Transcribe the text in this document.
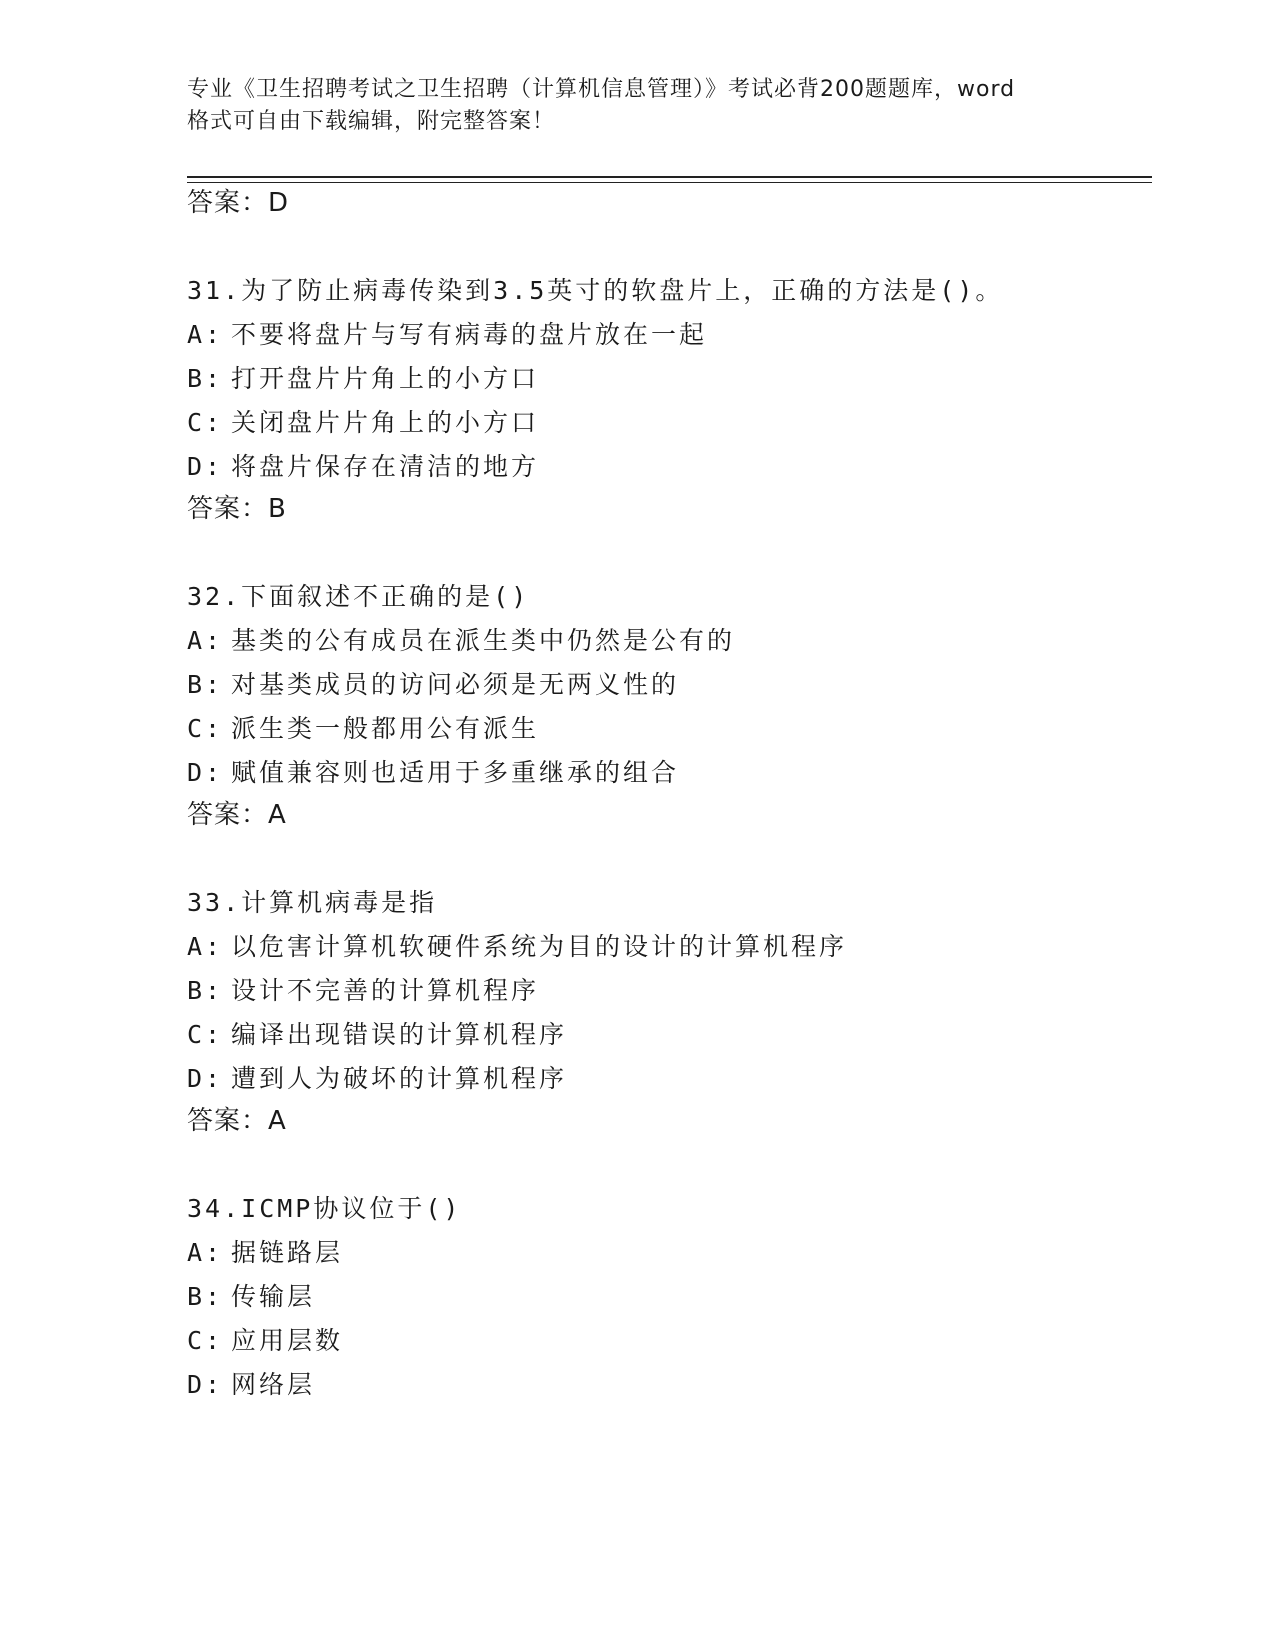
专业《卫生招聘考试之卫生招聘（计算机信息管理）》考试必背200题题库，word
格式可自由下载编辑，附完整答案！
答案：D
31.为了防止病毒传染到3.5英寸的软盘片上，正确的方法是()。
A: 不要将盘片与写有病毒的盘片放在一起
B: 打开盘片片角上的小方口
C: 关闭盘片片角上的小方口
D: 将盘片保存在清洁的地方
答案：B
32.下面叙述不正确的是()
A: 基类的公有成员在派生类中仍然是公有的
B: 对基类成员的访问必须是无两义性的
C: 派生类一般都用公有派生
D: 赋值兼容则也适用于多重继承的组合
答案：A
33.计算机病毒是指
A: 以危害计算机软硬件系统为目的设计的计算机程序
B: 设计不完善的计算机程序
C: 编译出现错误的计算机程序
D: 遭到人为破坏的计算机程序
答案：A
34.ICMP协议位于()
A: 据链路层
B: 传输层
C: 应用层数
D: 网络层
